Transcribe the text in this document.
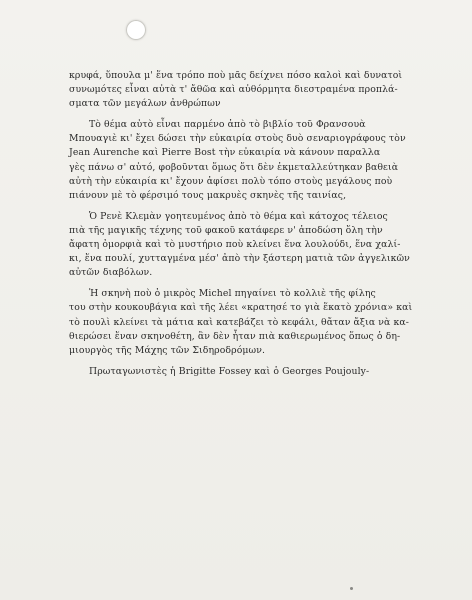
κρυφά, ὕπουλα μ' ἕνα τρόπο ποὺ μᾶς δείχνει πόσο καλοὶ καὶ δυνατοὶ
συνωμότες εἶναι αὐτὰ τ' ἄθῶα καὶ αὐθόρμητα διεστραμένα προπλά-
σματα τῶν μεγάλων ἀνθρώπων

Τὸ θέμα αὐτὸ εἶναι παρμένο ἀπὸ τὸ βιβλίο τοῦ Φρανσουὰ
Μπουαγιὲ κι' ἔχει δώσει τὴν εὐκαιρία στοὺς δυὸ σεναριογράφους τὸν
Jean Aurenche καὶ Pierre Bost τὴν εὐκαιρία νὰ κάνουν παραλλα
γὲς πάνω σ' αὐτό, φοβοῦνται ὅμως ὅτι δὲν ἐκμεταλλεύτηκαν βαθειὰ
αὐτὴ τὴν εὐκαιρία κι' ἔχουν ἀφίσει πολὺ τόπο στοὺς μεγάλους ποὺ
πιάνουν μὲ τὸ φέρσιμό τους μακρυὲς σκηνὲς τῆς ταινίας,

Ὁ Ρενὲ Κλεμὰν γοητευμένος ἀπὸ τὸ θέμα καὶ κάτοχος τέλειος
πιὰ τῆς μαγικῆς τέχνης τοῦ φακοῦ κατάφερε ν' ἀποδώση ὅλη τὴν
ἄφατη ὀμορφιὰ καὶ τὸ μυστήριο ποὺ κλείνει ἕνα λουλούδι, ἕνα χαλί-
κι, ἕνα πουλί, χυτταγμένα μέσ' ἀπὸ τὴν ξάστερη ματιὰ τῶν ἀγγελικῶν
αὐτῶν διαβόλων.

Ἡ σκηνὴ ποὺ ὁ μικρὸς Michel πηγαίνει τὸ κολλιὲ τῆς φίλης
του στὴν κουκουβάγια καὶ τῆς λέει «κρατησέ το γιὰ ἕκατὸ χρόνια» καὶ
τὸ πουλὶ κλείνει τὰ μάτια καὶ κατεβάζει τὸ κεφάλι, θἄταν ἄξια νὰ κα-
θιερώσει ἕναν σκηνοθέτη, ἂν δὲν ἦταν πιὰ καθιερωμένος ὅπως ὁ δη-
μιουργὸς τῆς Μάχης τῶν Σιδηροδρόμων.

Πρωταγωνιστὲς ἡ Brigitte Fossey καὶ ὁ Georges Poujouly-
